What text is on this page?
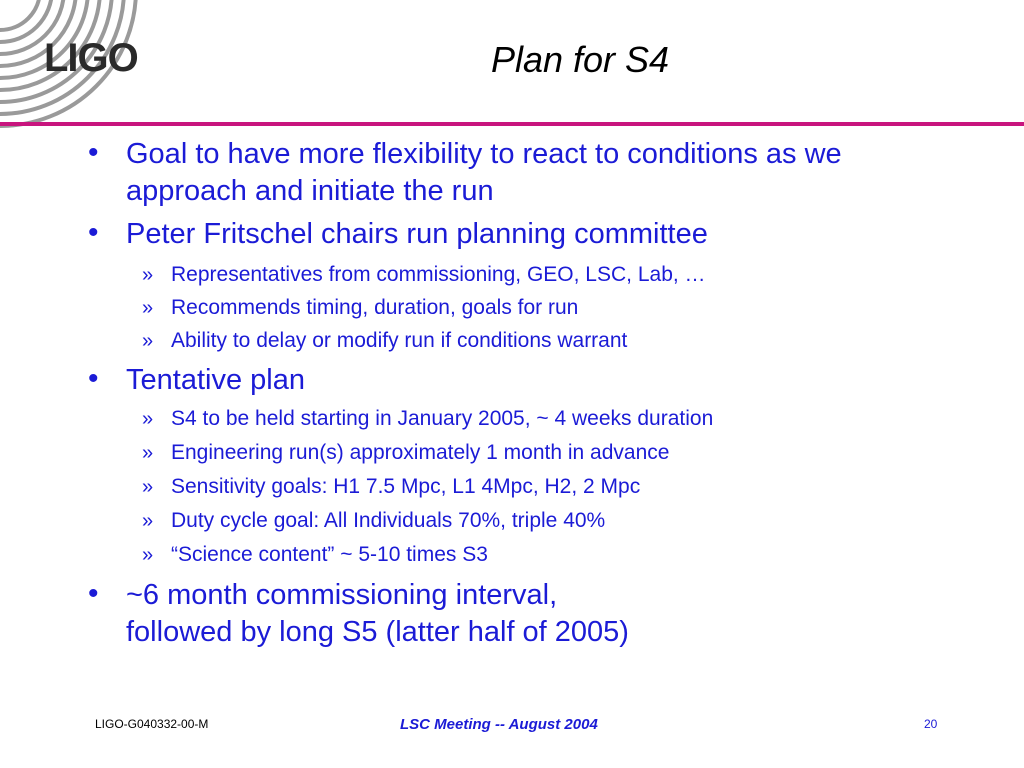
LIGO	Plan for S4
• Goal to have more flexibility to react to conditions as we approach and initiate the run
• Peter Fritschel chairs run planning committee
» Representatives from commissioning, GEO, LSC, Lab, …
» Recommends timing, duration, goals for run
» Ability to delay or modify run if conditions warrant
• Tentative plan
» S4 to be held starting in January 2005, ~ 4 weeks duration
» Engineering run(s) approximately 1 month in advance
» Sensitivity goals: H1 7.5 Mpc, L1 4Mpc, H2, 2 Mpc
» Duty cycle goal: All Individuals 70%, triple 40%
» “Science content” ~ 5-10 times S3
• ~6 month commissioning interval,
followed by long S5 (latter half of 2005)
LIGO-G040332-00-M	LSC Meeting -- August 2004	20
